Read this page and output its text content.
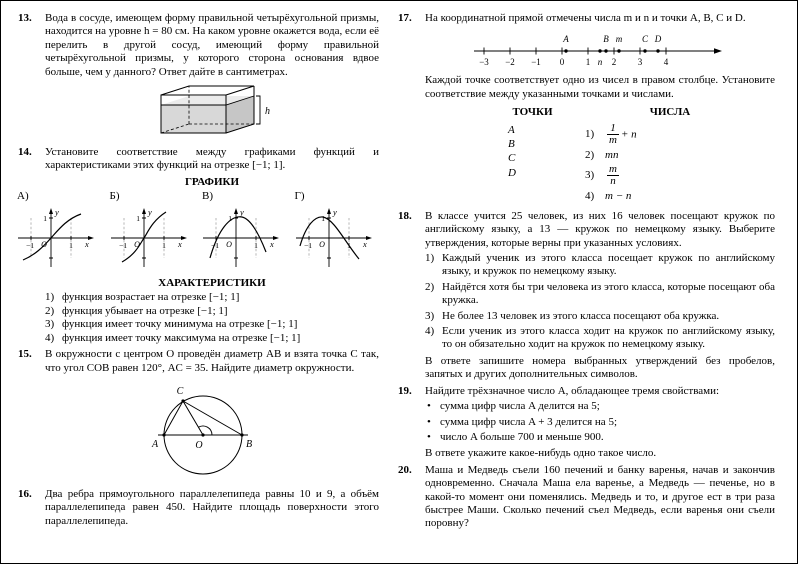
13.	Вода в сосуде, имеющем форму правильной четырёхугольной призмы, находится на уровне h = 80 см. На каком уровне окажется вода, если её перелить в другой сосуд, имеющий форму правильной четырёхугольной призмы, у которого сторона основания вдвое больше, чем у данного? Ответ дайте в сантиметрах.
h
14.	Установите соответствие между графиками функций и характеристиками этих функций на отрезке [−1; 1].
ГРАФИКИ
А)
y
x
O
−1	1
1
Б)
y
x
O
−1	1
1
В)
y
x
O
−1	1
1
Г)
y
x
O
−1	1
1
ХАРАКТЕРИСТИКИ
1) функция возрастает на отрезке [−1; 1]
2) функция убывает на отрезке [−1; 1]
3) функция имеет точку минимума на отрезке [−1; 1]
4) функция имеет точку максимума на отрезке [−1; 1]
15.	В окружности с центром O проведён диаметр AB и взята точка C так, что угол COB равен 120°, AC = 35. Найдите диаметр окружности.
C
A	B
O
16.	Два ребра прямоугольного параллелепипеда равны 10 и 9, а объём параллелепипеда равен 450. Найдите площадь поверхности этого параллелепипеда.
17.	На координатной прямой отмечены числа m и n и точки A, B, C и D.
A	B m C D
−3 −2 −1 0 1 2 3 4
n
Каждой точке соответствует одно из чисел в правом столбце. Установите соответствие между указанными точками и числами.
ТОЧКИ
A
B
C
D
ЧИСЛА
1)	$\frac{1}{m} + n$
2) mn
3)	$\frac{m}{n}$
4) m − n
18.	В классе учится 25 человек, из них 16 человек посещают кружок по английскому языку, а 13 — кружок по немецкому языку. Выберите утверждения, которые верны при указанных условиях.
1) Каждый ученик из этого класса посещает кружок по английскому языку, и кружок по немецкому языку.
2) Найдётся хотя бы три человека из этого класса, которые посещают оба кружка.
3) Не более 13 человек из этого класса посещают оба кружка.
4) Если ученик из этого класса ходит на кружок по английскому языку, то он обязательно ходит на кружок по немецкому языку.
В ответе запишите номера выбранных утверждений без пробелов, запятых и других дополнительных символов.
19.	Найдите трёхзначное число A, обладающее тремя свойствами:
• сумма цифр числа A делится на 5;
• сумма цифр числа A + 3 делится на 5;
• число A больше 700 и меньше 900.
В ответе укажите какое-нибудь одно такое число.
20.	Маша и Медведь съели 160 печений и банку варенья, начав и закончив одновременно. Сначала Маша ела варенье, а Медведь — печенье, но в какой-то момент они поменялись. Медведь и то, и другое ест в три раза быстрее Маши. Сколько печений съел Медведь, если варенья они съели поровну?
